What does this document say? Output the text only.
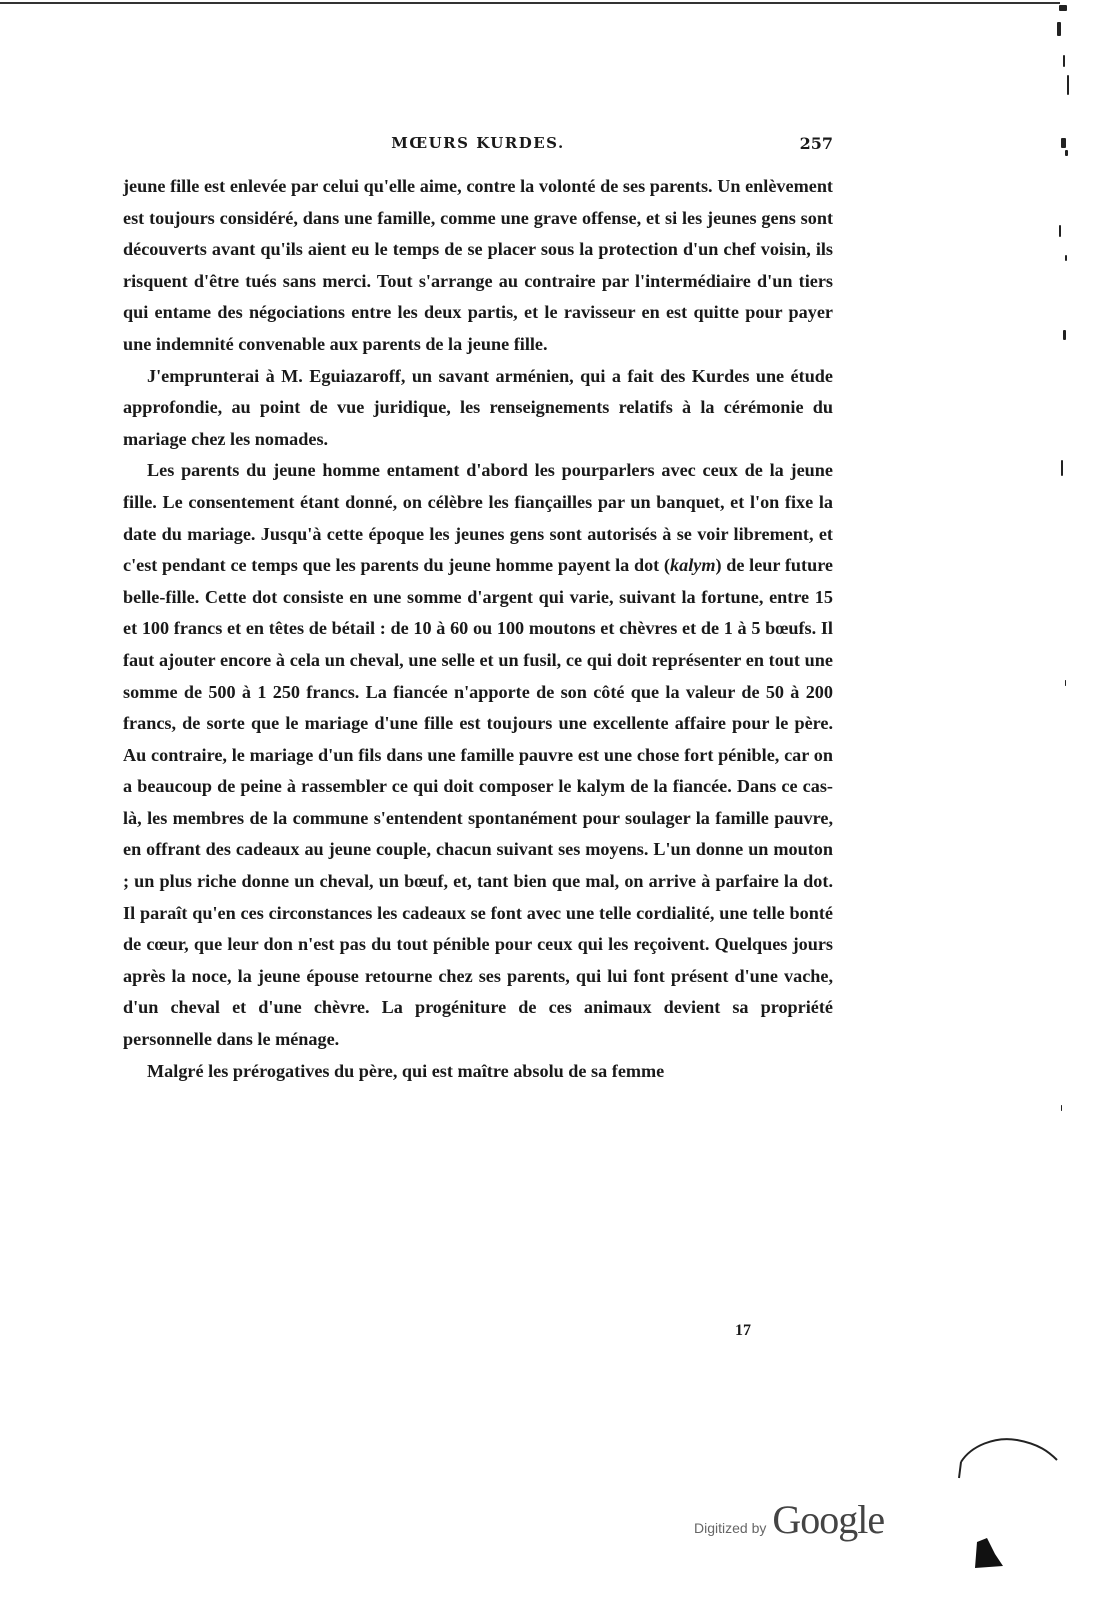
MŒURS KURDES.	257

jeune fille est enlevée par celui qu'elle aime, contre la volonté de ses parents. Un enlèvement est toujours considéré, dans une famille, comme une grave offense, et si les jeunes gens sont découverts avant qu'ils aient eu le temps de se placer sous la protection d'un chef voisin, ils risquent d'être tués sans merci. Tout s'arrange au contraire par l'intermédiaire d'un tiers qui entame des négociations entre les deux partis, et le ravisseur en est quitte pour payer une indemnité convenable aux parents de la jeune fille.

J'emprunterai à M. Eguiazaroff, un savant arménien, qui a fait des Kurdes une étude approfondie, au point de vue juridique, les renseignements relatifs à la cérémonie du mariage chez les nomades.

Les parents du jeune homme entament d'abord les pourparlers avec ceux de la jeune fille. Le consentement étant donné, on célèbre les fiançailles par un banquet, et l'on fixe la date du mariage. Jusqu'à cette époque les jeunes gens sont autorisés à se voir librement, et c'est pendant ce temps que les parents du jeune homme payent la dot (kalym) de leur future belle-fille. Cette dot consiste en une somme d'argent qui varie, suivant la fortune, entre 15 et 100 francs et en têtes de bétail : de 10 à 60 ou 100 moutons et chèvres et de 1 à 5 bœufs. Il faut ajouter encore à cela un cheval, une selle et un fusil, ce qui doit représenter en tout une somme de 500 à 1 250 francs. La fiancée n'apporte de son côté que la valeur de 50 à 200 francs, de sorte que le mariage d'une fille est toujours une excellente affaire pour le père. Au contraire, le mariage d'un fils dans une famille pauvre est une chose fort pénible, car on a beaucoup de peine à rassembler ce qui doit composer le kalym de la fiancée. Dans ce cas-là, les membres de la commune s'entendent spontanément pour soulager la famille pauvre, en offrant des cadeaux au jeune couple, chacun suivant ses moyens. L'un donne un mouton ; un plus riche donne un cheval, un bœuf, et, tant bien que mal, on arrive à parfaire la dot. Il paraît qu'en ces circonstances les cadeaux se font avec une telle cordialité, une telle bonté de cœur, que leur don n'est pas du tout pénible pour ceux qui les reçoivent. Quelques jours après la noce, la jeune épouse retourne chez ses parents, qui lui font présent d'une vache, d'un cheval et d'une chèvre. La progéniture de ces animaux devient sa propriété personnelle dans le ménage.

Malgré les prérogatives du père, qui est maître absolu de sa femme

17
Digitized by Google
